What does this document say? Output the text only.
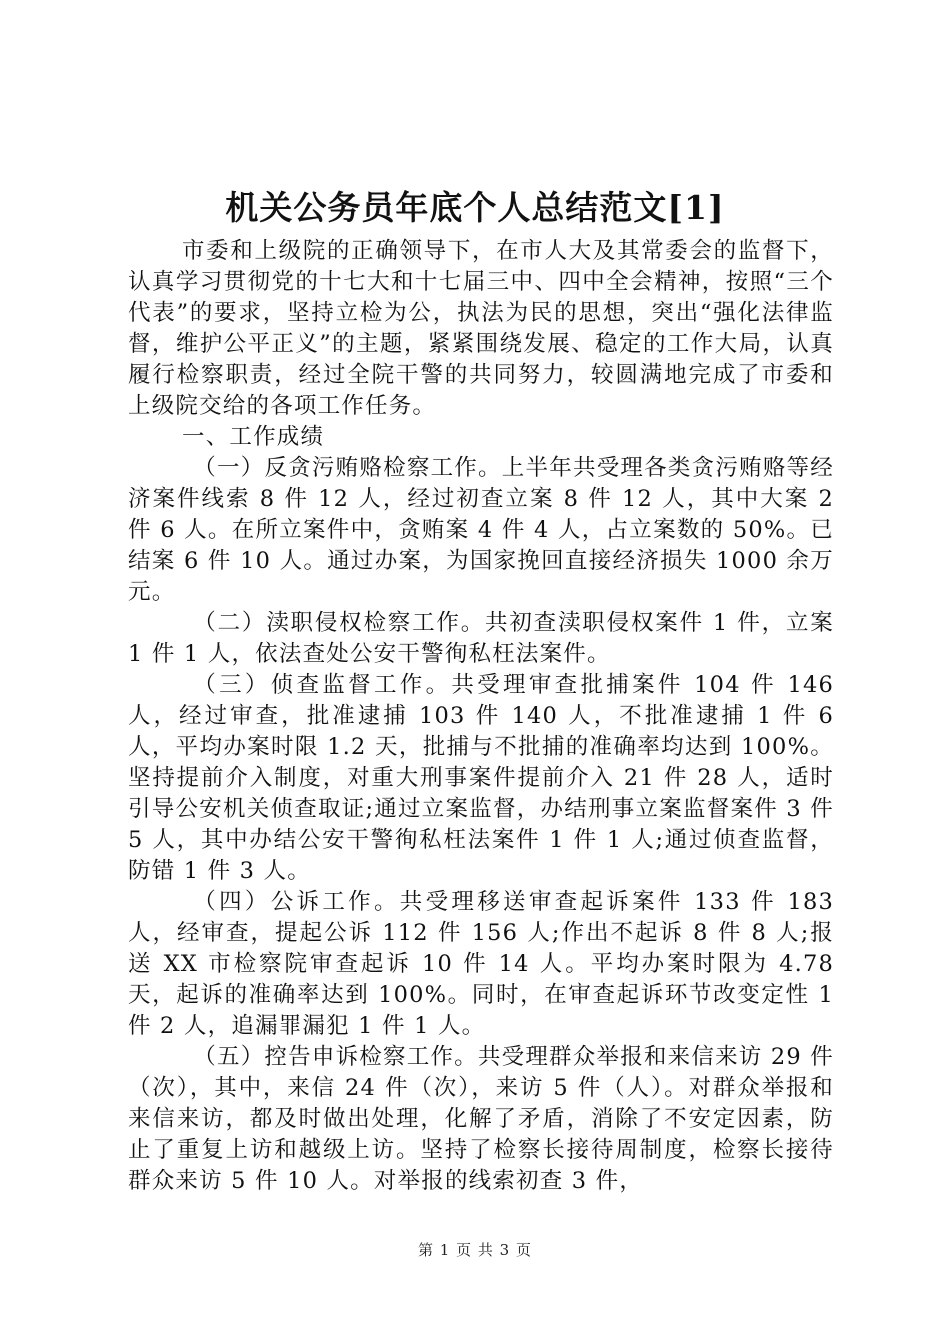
机关公务员年底个人总结范文[1]

市委和上级院的正确领导下，在市人大及其常委会的监督下，认真学习贯彻党的十七大和十七届三中、四中全会精神，按照“三个代表”的要求，坚持立检为公，执法为民的思想，突出“强化法律监督，维护公平正义”的主题，紧紧围绕发展、稳定的工作大局，认真履行检察职责，经过全院干警的共同努力，较圆满地完成了市委和上级院交给的各项工作任务。

一、工作成绩

（一）反贪污贿赂检察工作。上半年共受理各类贪污贿赂等经济案件线索 8 件 12 人，经过初查立案 8 件 12 人，其中大案 2 件 6 人。在所立案件中，贪贿案 4 件 4 人，占立案数的 50%。已结案 6 件 10 人。通过办案，为国家挽回直接经济损失 1000 余万元。

（二）渎职侵权检察工作。共初查渎职侵权案件 1 件，立案 1 件 1 人，依法查处公安干警徇私枉法案件。

（三）侦查监督工作。共受理审查批捕案件 104 件 146 人，经过审查，批准逮捕 103 件 140 人，不批准逮捕 1 件 6 人，平均办案时限 1.2 天，批捕与不批捕的准确率均达到 100%。坚持提前介入制度，对重大刑事案件提前介入 21 件 28 人，适时引导公安机关侦查取证;通过立案监督，办结刑事立案监督案件 3 件 5 人，其中办结公安干警徇私枉法案件 1 件 1 人;通过侦查监督，防错 1 件 3 人。

（四）公诉工作。共受理移送审查起诉案件 133 件 183 人，经审查，提起公诉 112 件 156 人;作出不起诉 8 件 8 人;报送 XX 市检察院审查起诉 10 件 14 人。平均办案时限为 4.78 天，起诉的准确率达到 100%。同时，在审查起诉环节改变定性 1 件 2 人，追漏罪漏犯 1 件 1 人。

（五）控告申诉检察工作。共受理群众举报和来信来访 29 件（次），其中，来信 24 件（次），来访 5 件（人）。对群众举报和来信来访，都及时做出处理，化解了矛盾，消除了不安定因素，防止了重复上访和越级上访。坚持了检察长接待周制度，检察长接待群众来访 5 件 10 人。对举报的线索初查 3 件，

第 1 页 共 3 页
